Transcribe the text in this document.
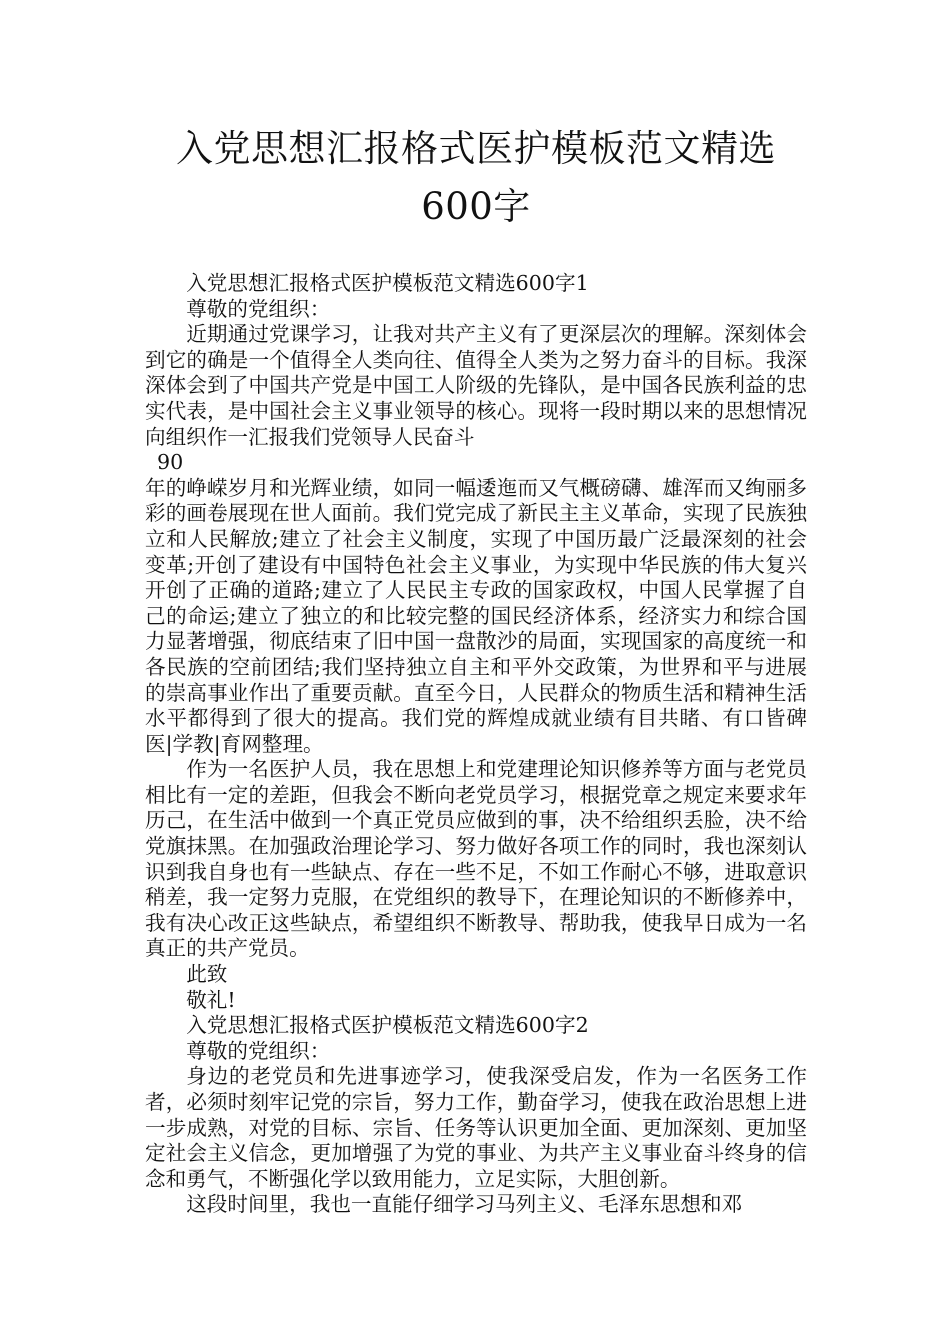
入党思想汇报格式医护模板范文精选600字

入党思想汇报格式医护模板范文精选600字1

尊敬的党组织：

近期通过党课学习，让我对共产主义有了更深层次的理解。深刻体会到它的确是一个值得全人类向往、值得全人类为之努力奋斗的目标。我深深体会到了中国共产党是中国工人阶级的先锋队，是中国各民族利益的忠实代表，是中国社会主义事业领导的核心。现将一段时期以来的思想情况向组织作一汇报我们党领导人民奋斗

90

年的峥嵘岁月和光辉业绩，如同一幅逶迤而又气概磅礴、雄浑而又绚丽多彩的画卷展现在世人面前。我们党完成了新民主主义革命，实现了民族独立和人民解放;建立了社会主义制度，实现了中国历最广泛最深刻的社会变革;开创了建设有中国特色社会主义事业，为实现中华民族的伟大复兴开创了正确的道路;建立了人民民主专政的国家政权，中国人民掌握了自己的命运;建立了独立的和比较完整的国民经济体系，经济实力和综合国力显著增强，彻底结束了旧中国一盘散沙的局面，实现国家的高度统一和各民族的空前团结;我们坚持独立自主和平外交政策，为世界和平与进展的崇高事业作出了重要贡献。直至今日，人民群众的物质生活和精神生活水平都得到了很大的提高。我们党的辉煌成就业绩有目共睹、有口皆碑医|学教|育网整理。

作为一名医护人员，我在思想上和党建理论知识修养等方面与老党员相比有一定的差距，但我会不断向老党员学习，根据党章之规定来要求年历己，在生活中做到一个真正党员应做到的事，决不给组织丢脸，决不给党旗抹黑。在加强政治理论学习、努力做好各项工作的同时，我也深刻认识到我自身也有一些缺点、存在一些不足，不如工作耐心不够，进取意识稍差，我一定努力克服，在党组织的教导下，在理论知识的不断修养中，我有决心改正这些缺点，希望组织不断教导、帮助我，使我早日成为一名真正的共产党员。

此致

敬礼!

入党思想汇报格式医护模板范文精选600字2

尊敬的党组织：

身边的老党员和先进事迹学习，使我深受启发，作为一名医务工作者，必须时刻牢记党的宗旨，努力工作，勤奋学习，使我在政治思想上进一步成熟，对党的目标、宗旨、任务等认识更加全面、更加深刻、更加坚定社会主义信念，更加增强了为党的事业、为共产主义事业奋斗终身的信念和勇气，不断强化学以致用能力，立足实际，大胆创新。

这段时间里，我也一直能仔细学习马列主义、毛泽东思想和邓
